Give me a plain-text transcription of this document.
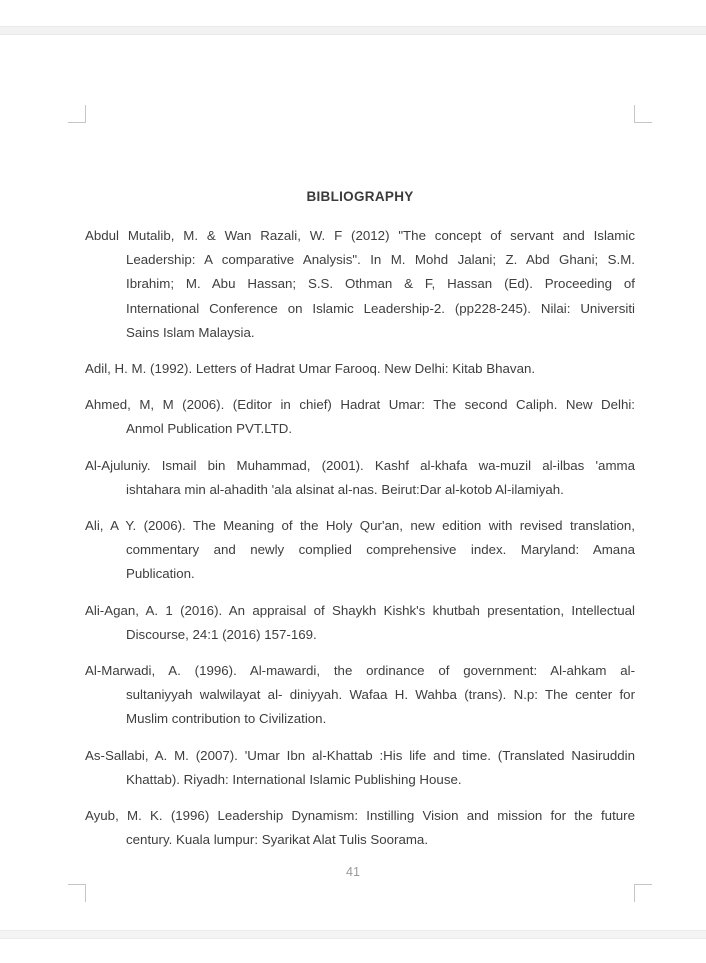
BIBLIOGRAPHY
Abdul Mutalib, M. & Wan Razali, W. F (2012) "The concept of servant and Islamic
Leadership: A comparative Analysis". In M. Mohd Jalani; Z. Abd Ghani; S.M.
Ibrahim; M. Abu Hassan; S.S. Othman & F, Hassan (Ed). Proceeding of
International Conference on Islamic Leadership-2. (pp228-245). Nilai: Universiti
Sains Islam Malaysia.
Adil, H. M. (1992). Letters of Hadrat Umar Farooq. New Delhi: Kitab Bhavan.
Ahmed, M, M (2006). (Editor in chief) Hadrat Umar: The second Caliph. New Delhi:
Anmol Publication PVT.LTD.
Al-Ajuluniy. Ismail bin Muhammad, (2001). Kashf al-khafa wa-muzil al-ilbas 'amma
ishtahara min al-ahadith 'ala alsinat al-nas. Beirut:Dar al-kotob Al-ilamiyah.
Ali, A Y. (2006). The Meaning of the Holy Qur'an, new edition with revised translation,
commentary and newly complied comprehensive index. Maryland: Amana
Publication.
Ali-Agan, A. 1 (2016). An appraisal of Shaykh Kishk's khutbah presentation, Intellectual
Discourse, 24:1 (2016) 157-169.
Al-Marwadi, A. (1996). Al-mawardi, the ordinance of government: Al-ahkam al-
sultaniyyah walwilayat al- diniyyah. Wafaa H. Wahba (trans). N.p: The center for
Muslim contribution to Civilization.
As-Sallabi, A. M. (2007). 'Umar Ibn al-Khattab :His life and time. (Translated Nasiruddin
Khattab). Riyadh: International Islamic Publishing House.
Ayub, M. K. (1996) Leadership Dynamism: Instilling Vision and mission for the future
century. Kuala lumpur: Syarikat Alat Tulis Soorama.
41
